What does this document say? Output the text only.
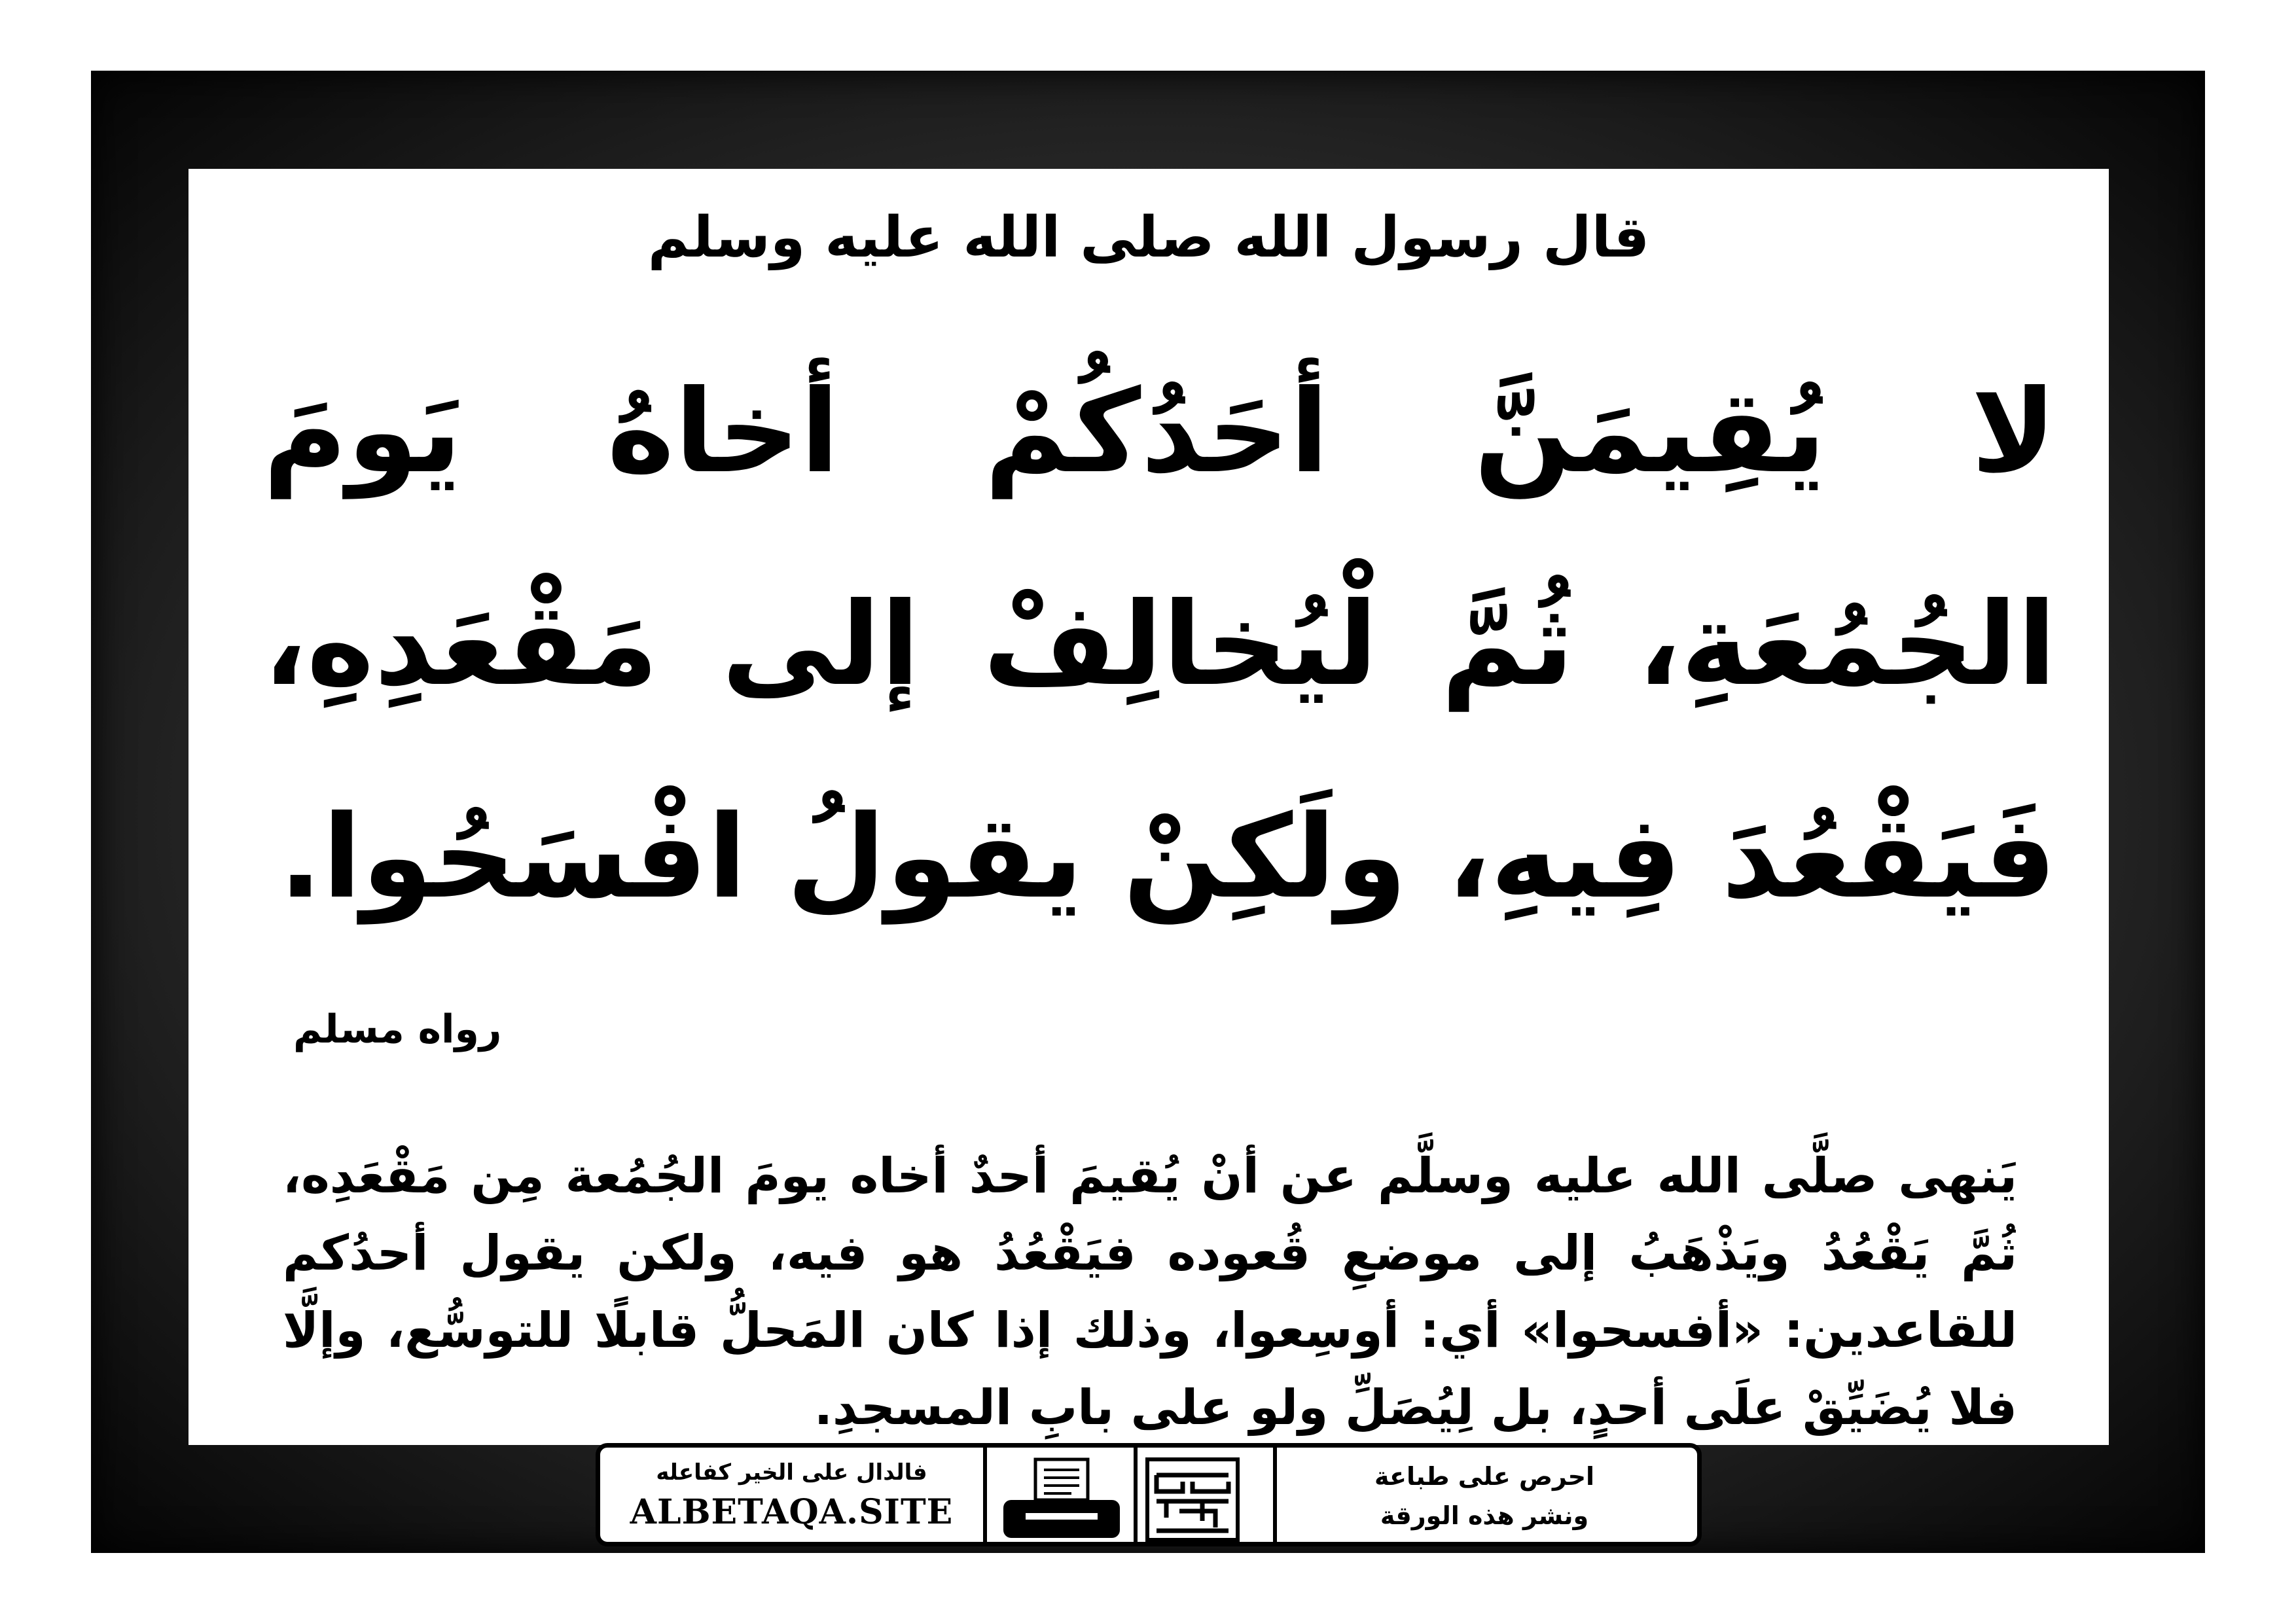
قال رسول الله صلى الله عليه وسلم
لا يُقِيمَنَّ أحَدُكُمْ أخاهُ يَومَ الجُمُعَةِ، ثُمَّ لْيُخالِفْ إلى مَقْعَدِهِ، فَيَقْعُدَ فِيهِ، ولَكِنْ يقولُ افْسَحُوا.
رواه مسلم
يَنهى صلَّى الله عليه وسلَّم عن أنْ يُقيمَ أحدٌ أخاه يومَ الجُمُعة مِن مَقْعَدِه، ثُمَّ يَقْعُدُ ويَذْهَبُ إلى موضعِ قُعوده فيَقْعُدُ هو فيه، ولكن يقول أحدُكم للقاعدين: «أفسحوا» أي: أوسِعوا، وذلك إذا كان المَحلُّ قابلًا للتوسُّع، وإلَّا فلا يُضَيِّقْ علَى أحدٍ، بل لِيُصَلِّ ولو على بابِ المسجدِ.
فالدال على الخير كفاعله
ALBETAQA.SITE
احرص على طباعة
ونشر هذه الورقة
